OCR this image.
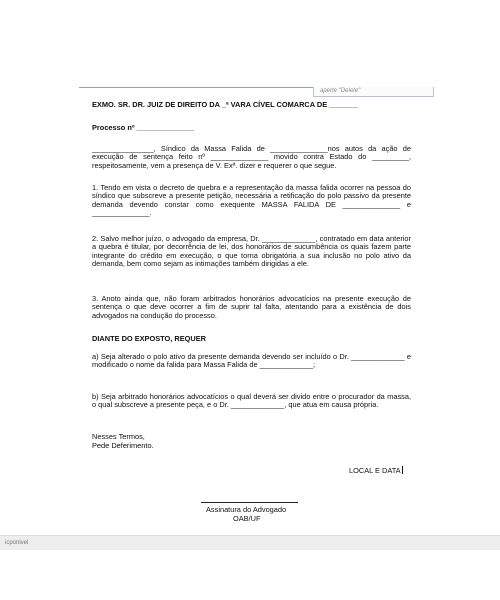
aperte "Delete"

EXMO. SR. DR. JUIZ DE DIREITO DA _ª VARA CÍVEL COMARCA DE _______

Processo nº ______________

_______________, Síndico da Massa Falida de ______________nos autos da ação de execução de sentença feito nº ______________ movido contra Estado do _________, respeitosamente, vem a presença de V. Exª. dizer e requerer o que segue.

1. Tendo em vista o decreto de quebra e a representação da massa falida ocorrer na pessoa do síndico que subscreve a presente petição, necessária a retificação do polo passivo da presente demanda devendo constar como exequente MASSA FALIDA DE ______________ e ______________.

2. Salvo melhor juízo, o advogado da empresa, Dr. _____________, contratado em data anterior a quebra é titular, por decorrência de lei, dos honorários de sucumbência os quais fazem parte integrante do crédito em execução, o que torna obrigatória a sua inclusão no polo ativo da demanda, bem como sejam as intimações também dirigidas a ele.

3. Anoto ainda que, não foram arbitrados honorários advocatícios na presente execução de sentença o que deve ocorrer a fim de suprir tal falta, atentando para a existência de dois advogados na condução do processo.

DIANTE DO EXPOSTO, REQUER

a) Seja alterado o polo ativo da presente demanda devendo ser incluído o Dr. _____________ e modificado o nome da falida para Massa Falida de _____________;

b) Seja arbitrado honorários advocatícios o qual deverá ser divido entre o procurador da massa, o qual subscreve a presente peça, e o Dr. _____________, que atua em causa própria.

Nesses Termos,

Pede Deferimento.

LOCAL E DATA
Assinatura do Advogado
OAB/UF
icponivel
